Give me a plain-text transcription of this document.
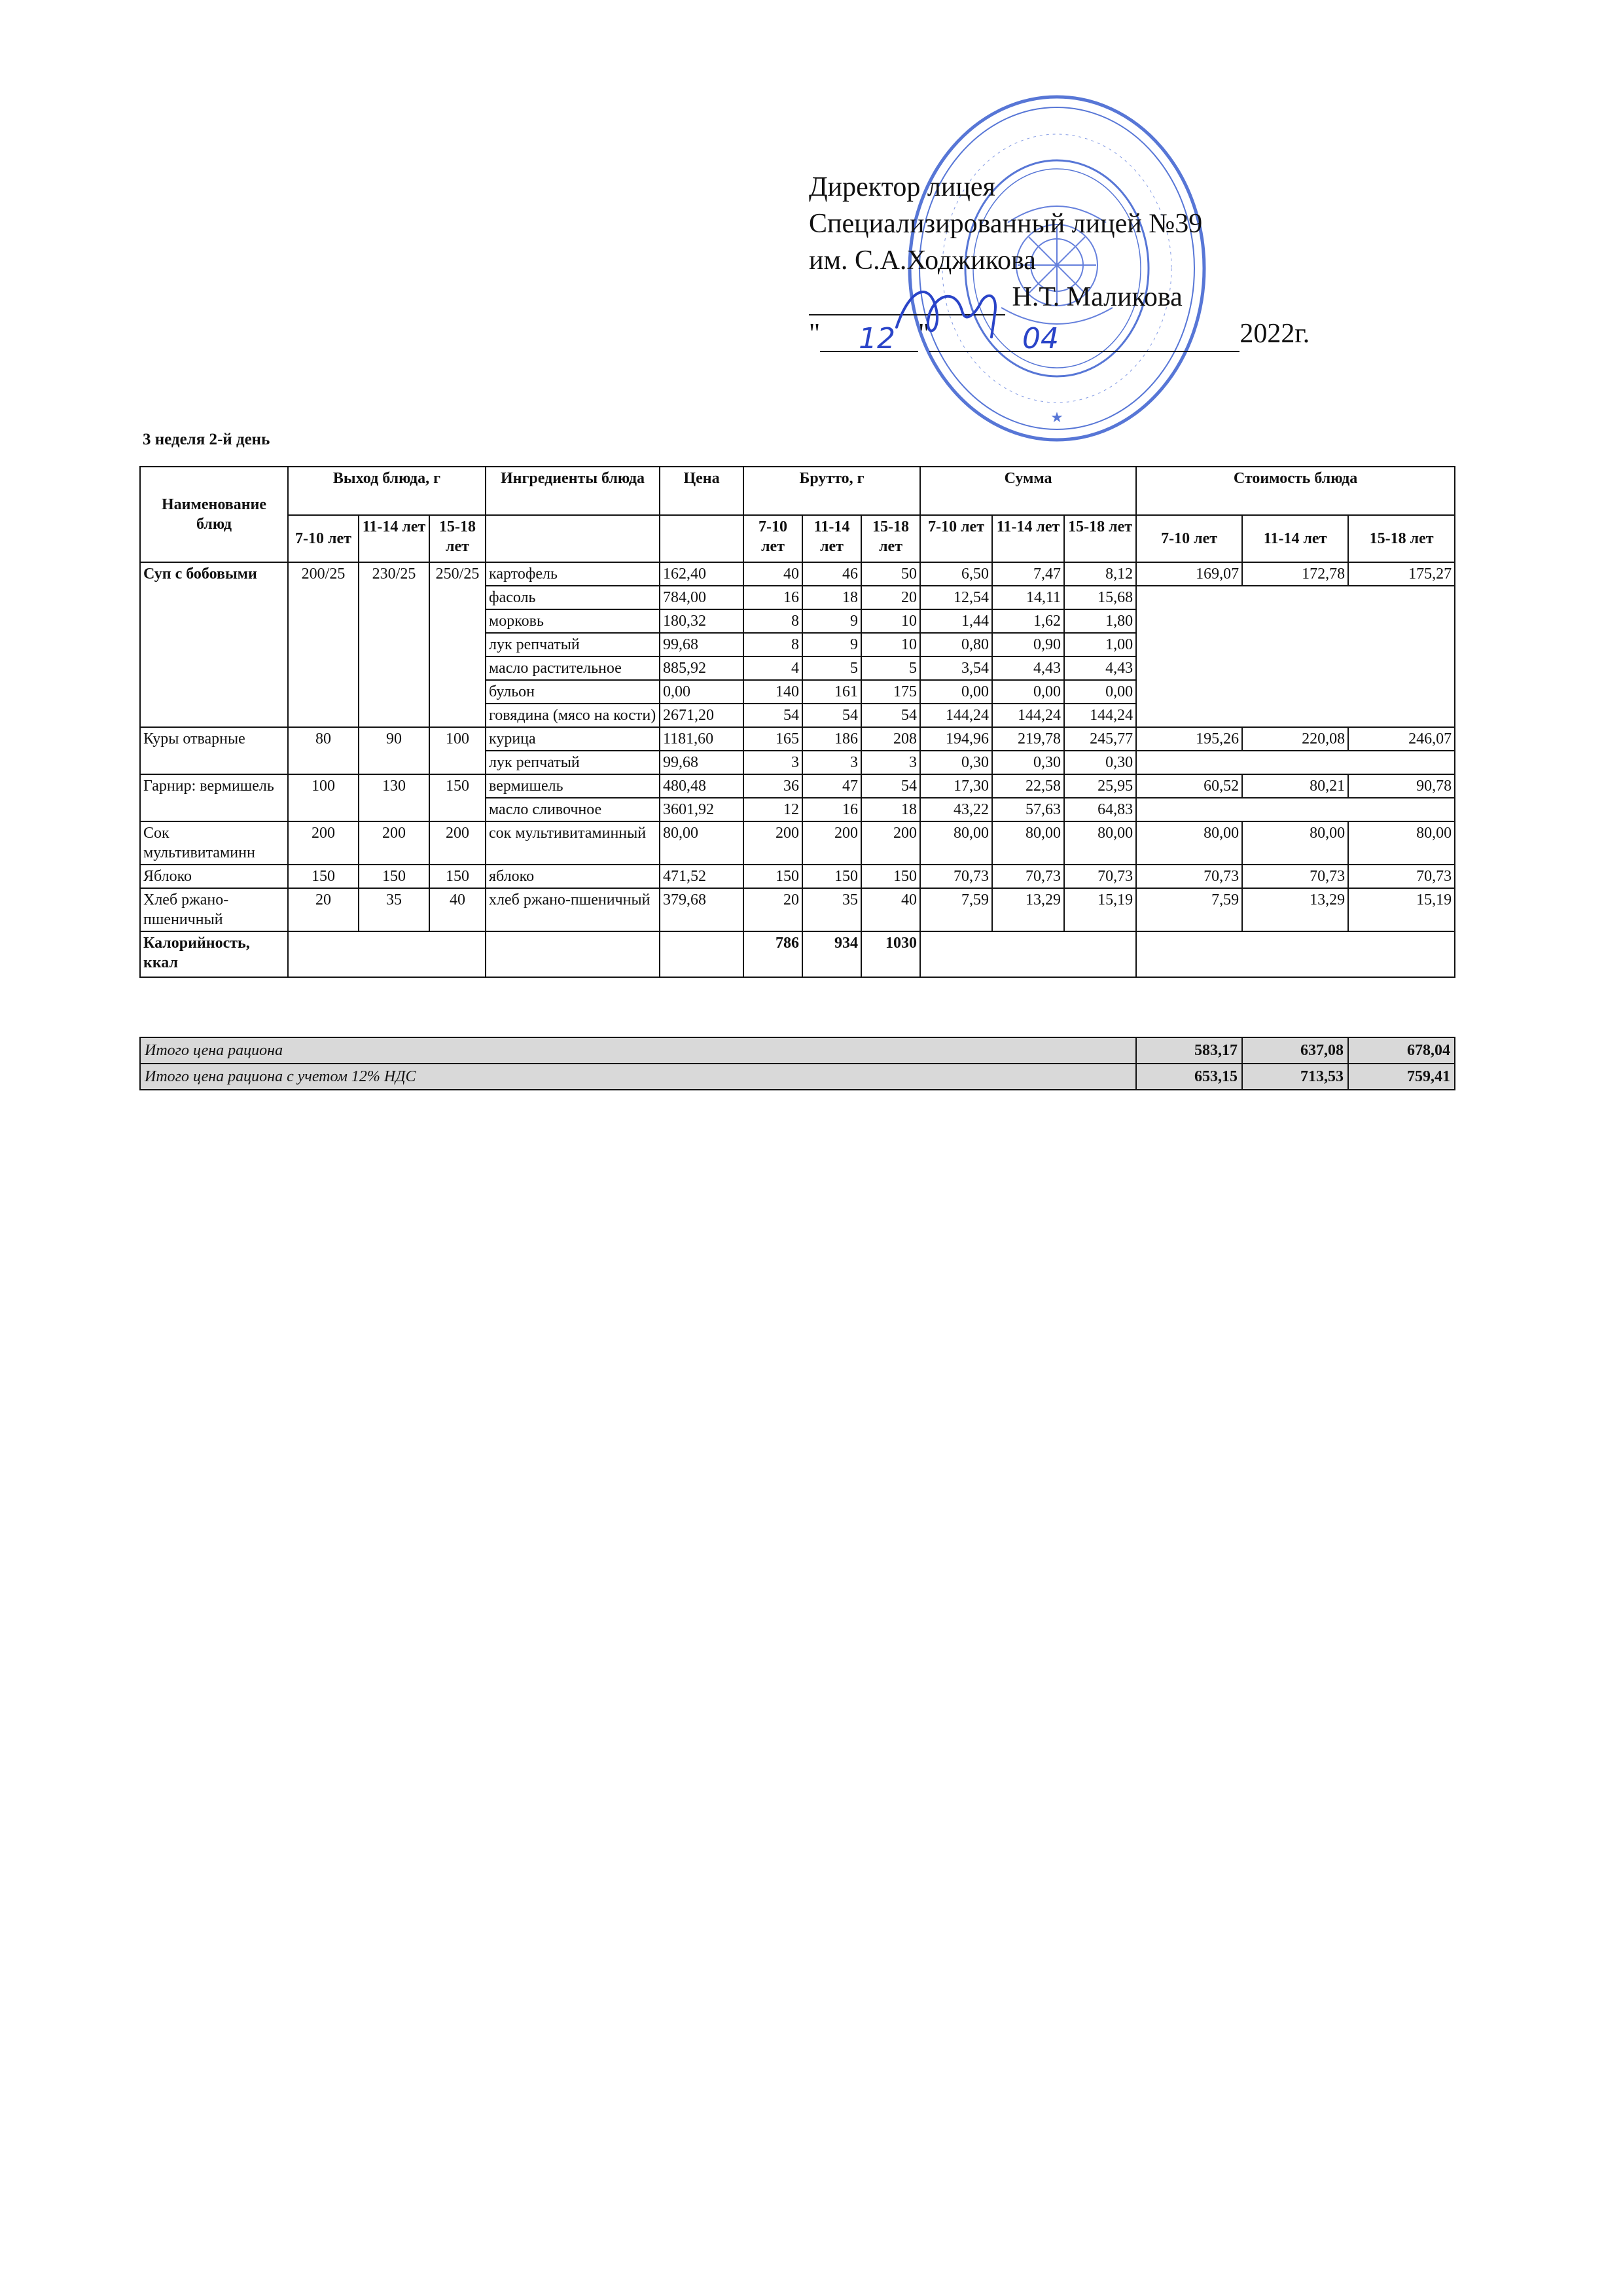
★
Директор лицея
Специализированный лицей №39
им. С.А.Ходжикова
Н.Т. Маликова
"	"	2022г.
12	04
3 неделя 2-й день
Наименование блюд	Выход блюда, г			Ингредиенты блюда	Цена	Брутто, г			Сумма			Стоимость блюда		
	7-10 лет	11-14 лет	15-18 лет			7-10 лет	11-14 лет	15-18 лет	7-10 лет	11-14 лет	15-18 лет	7-10 лет	11-14 лет	15-18 лет
Суп с бобовыми	200/25	230/25	250/25	картофель	162,40	40	46	50	6,50	7,47	8,12	169,07	172,78	175,27
				фасоль	784,00	16	18	20	12,54	14,11	15,68			
				морковь	180,32	8	9	10	1,44	1,62	1,80			
				лук репчатый	99,68	8	9	10	0,80	0,90	1,00			
				масло растительное	885,92	4	5	5	3,54	4,43	4,43			
				бульон	0,00	140	161	175	0,00	0,00	0,00			
				говядина (мясо на кости)	2671,20	54	54	54	144,24	144,24	144,24			
Куры отварные	80	90	100	курица	1181,60	165	186	208	194,96	219,78	245,77	195,26	220,08	246,07
				лук репчатый	99,68	3	3	3	0,30	0,30	0,30			
Гарнир: вермишель	100	130	150	вермишель	480,48	36	47	54	17,30	22,58	25,95	60,52	80,21	90,78
				масло сливочное	3601,92	12	16	18	43,22	57,63	64,83			
Сок мультивитаминн	200	200	200	сок мультивитаминный	80,00	200	200	200	80,00	80,00	80,00	80,00	80,00	80,00
Яблоко	150	150	150	яблоко	471,52	150	150	150	70,73	70,73	70,73	70,73	70,73	70,73
Хлеб ржано-пшеничный	20	35	40	хлеб ржано-пшеничный	379,68	20	35	40	7,59	13,29	15,19	7,59	13,29	15,19
Калорийность, ккал						786	934	1030						
Итого цена рациона	583,17	637,08	678,04
Итого цена рациона с учетом 12% НДС	653,15	713,53	759,41
